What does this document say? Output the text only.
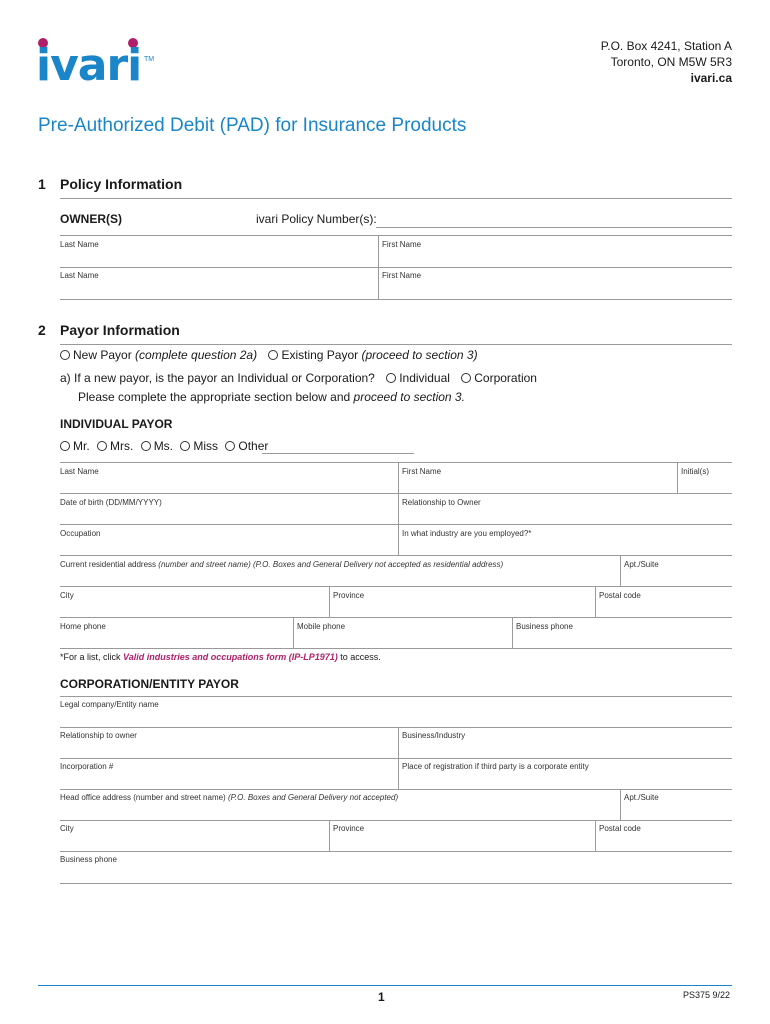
ivari TM
P.O. Box 4241, Station A
Toronto, ON M5W 5R3
ivari.ca
Pre-Authorized Debit (PAD) for Insurance Products
1 Policy Information
OWNER(S)	ivari Policy Number(s):
Last Name	First Name
Last Name	First Name
2 Payor Information
New Payor (complete question 2a) Existing Payor (proceed to section 3)
a) If a new payor, is the payor an Individual or Corporation? Individual Corporation
Please complete the appropriate section below and proceed to section 3.
INDIVIDUAL PAYOR
Mr. Mrs. Ms. Miss Other
Last Name	First Name	Initial(s)
Date of birth (DD/MM/YYYY)	Relationship to Owner
Occupation	In what industry are you employed?*
Current residential address (number and street name) (P.O. Boxes and General Delivery not accepted as residential address)	Apt./Suite
City	Province	Postal code
Home phone	Mobile phone	Business phone
*For a list, click Valid industries and occupations form (IP-LP1971) to access.
CORPORATION/ENTITY PAYOR
Legal company/Entity name
Relationship to owner	Business/Industry
Incorporation #	Place of registration if third party is a corporate entity
Head office address (number and street name) (P.O. Boxes and General Delivery not accepted)	Apt./Suite
City	Province	Postal code
Business phone
1	PS375 9/22
